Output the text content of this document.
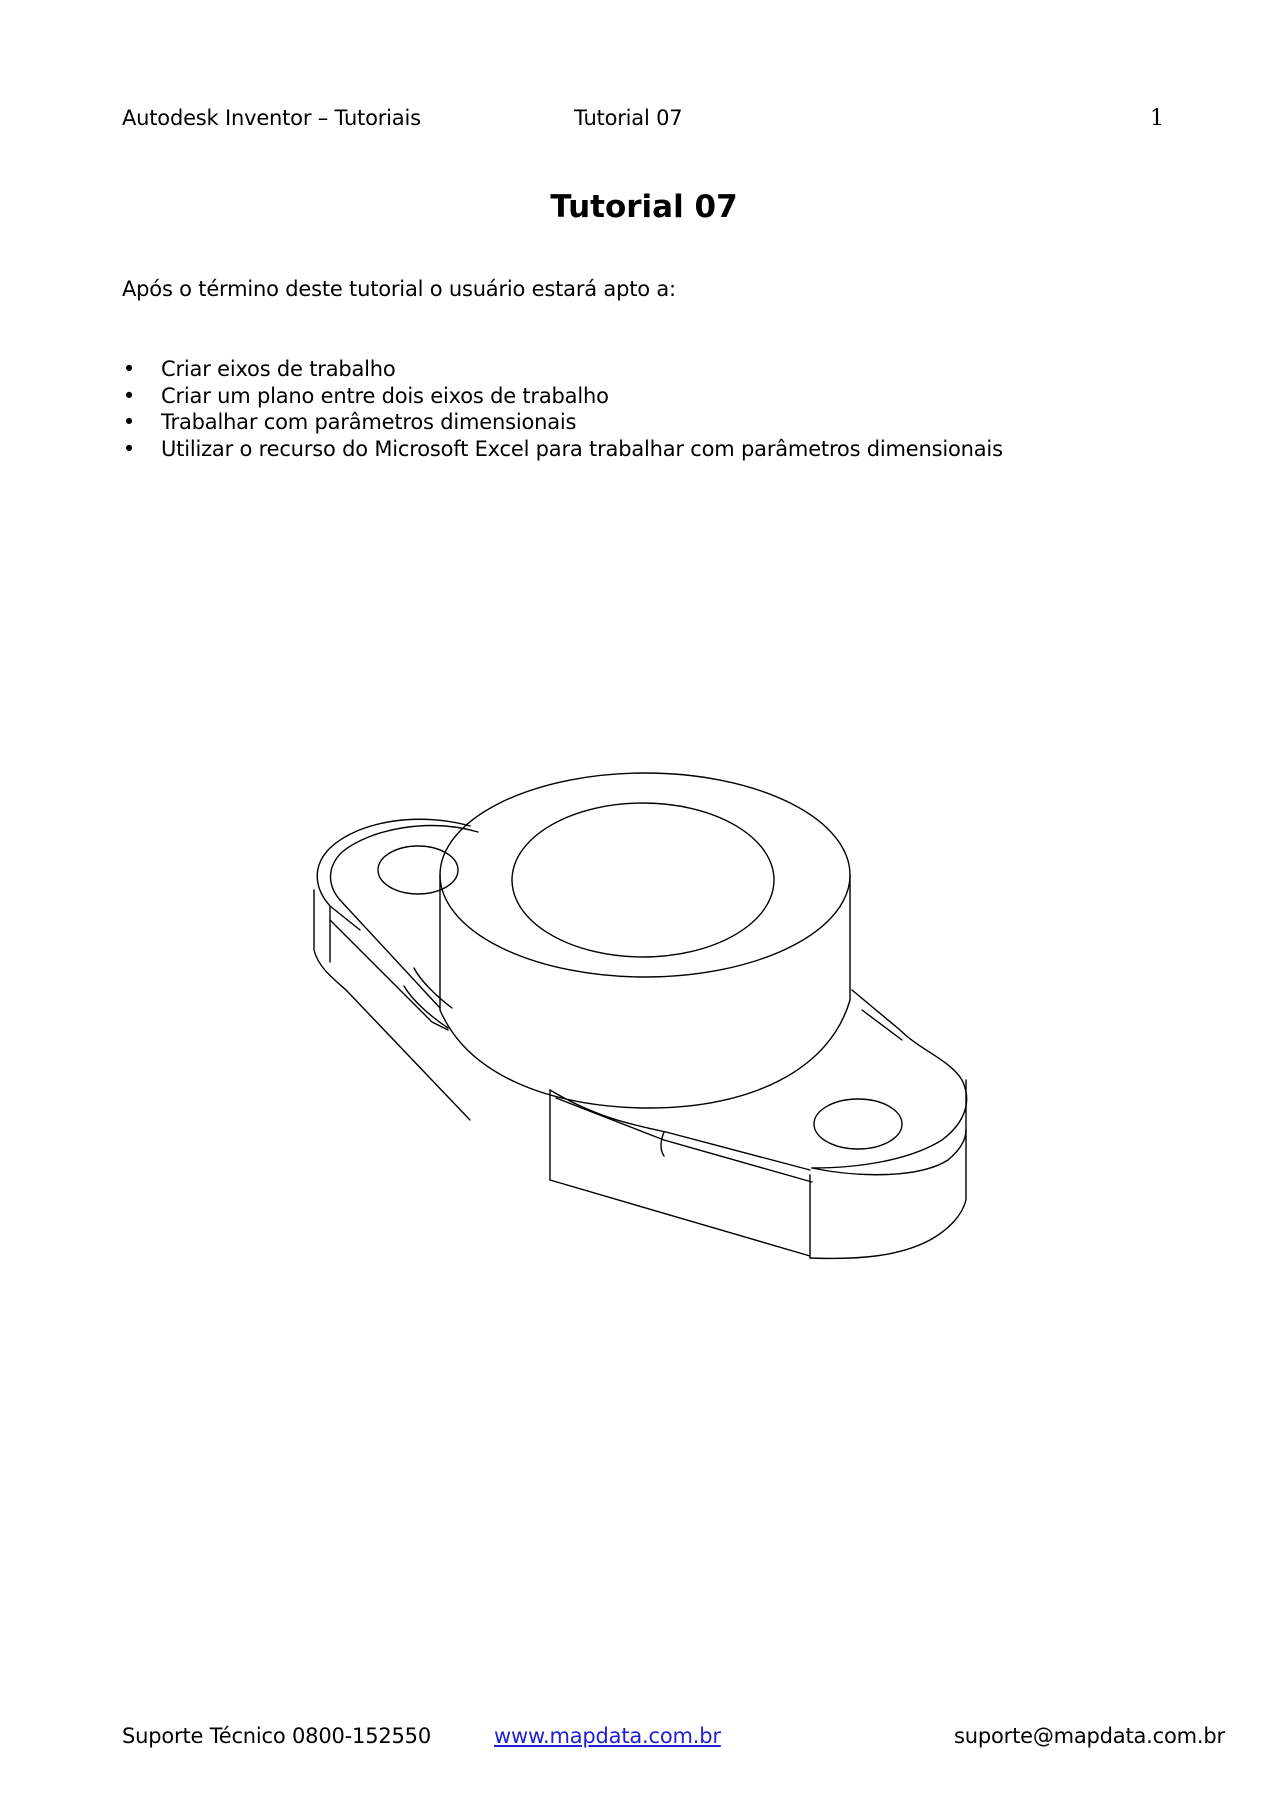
Autodesk Inventor – Tutoriais	Tutorial 07	1
Tutorial 07
Após o término deste tutorial o usuário estará apto a:
• Criar eixos de trabalho
• Criar um plano entre dois eixos de trabalho
• Trabalhar com parâmetros dimensionais
• Utilizar o recurso do Microsoft Excel para trabalhar com parâmetros dimensionais
Suporte Técnico 0800-152550	www.mapdata.com.br	suporte@mapdata.com.br
